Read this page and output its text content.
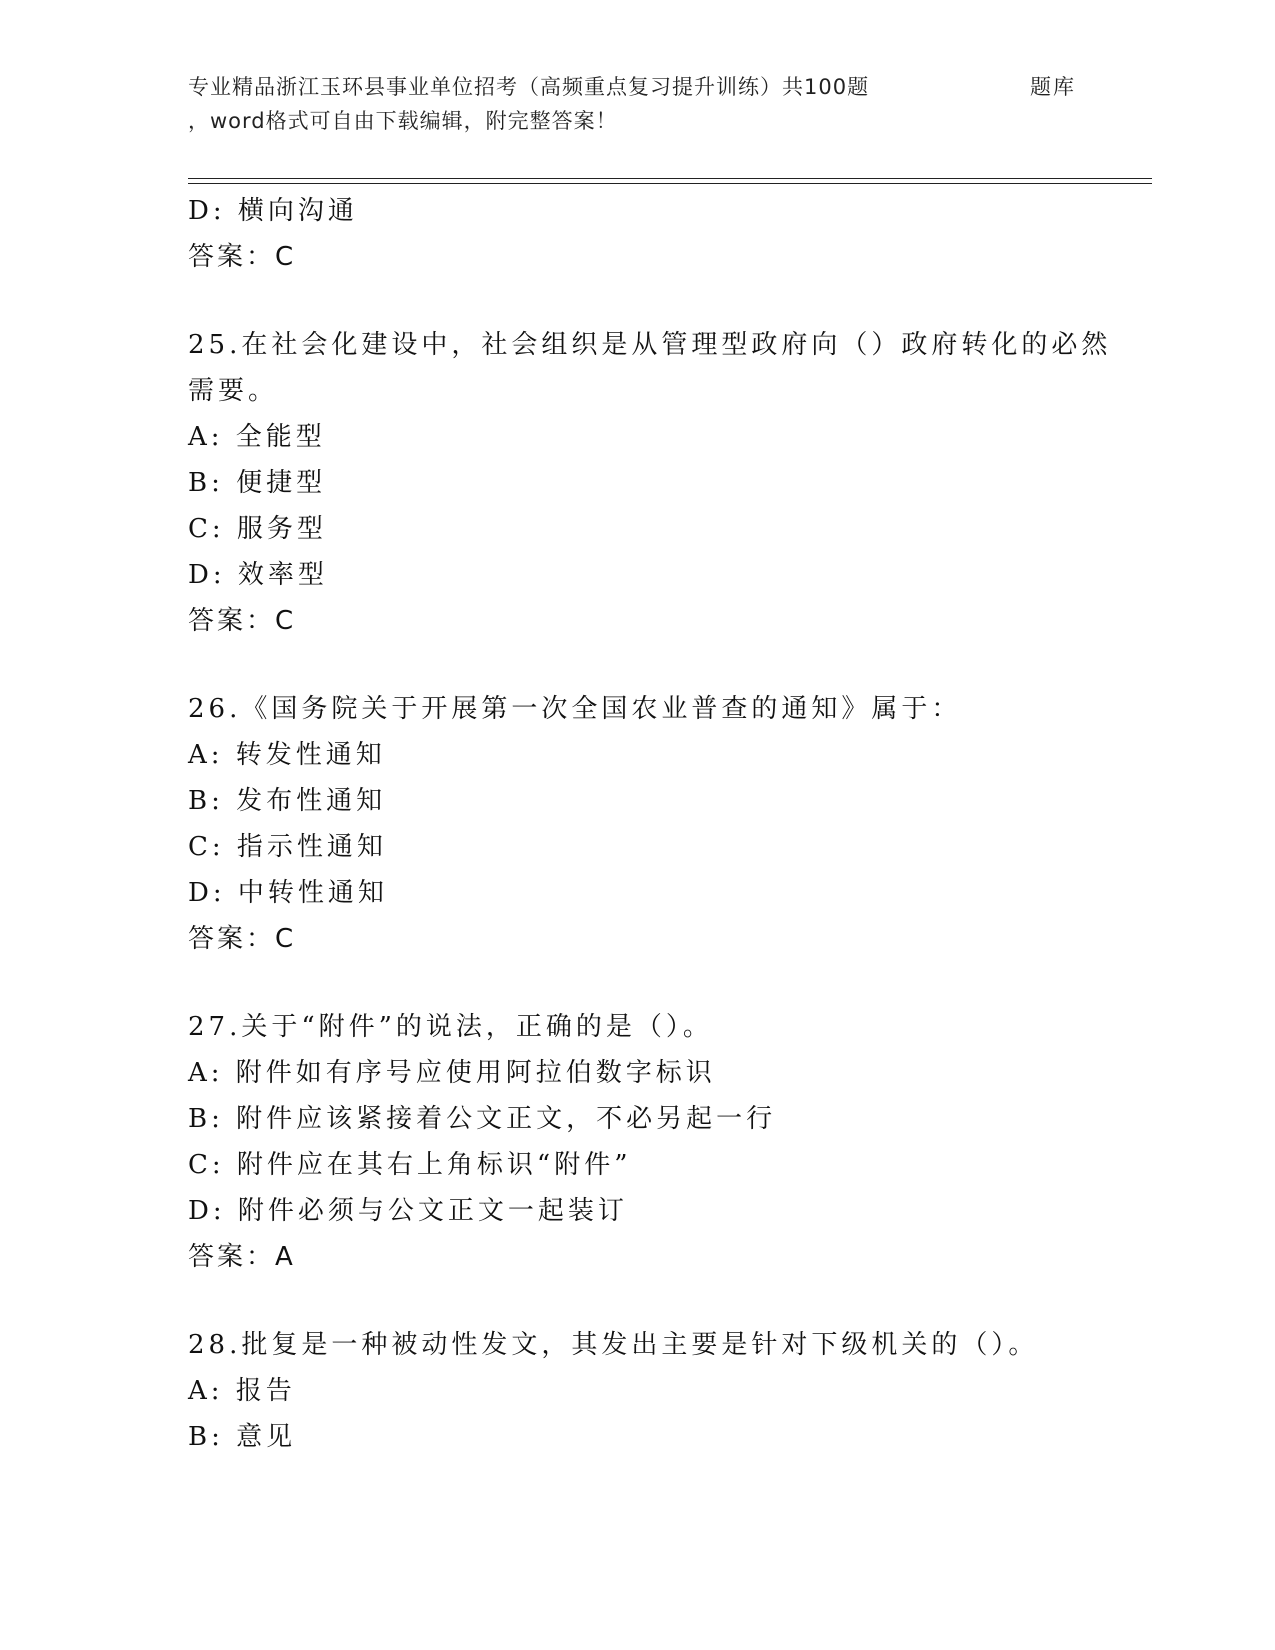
专业精品浙江玉环县事业单位招考（高频重点复习提升训练）共100题	题库
，word格式可自由下载编辑，附完整答案！
D: 横向沟通
答案：C
25.在社会化建设中，社会组织是从管理型政府向（）政府转化的必然
需要。
A: 全能型
B: 便捷型
C: 服务型
D: 效率型
答案：C
26.《国务院关于开展第一次全国农业普查的通知》属于：
A: 转发性通知
B: 发布性通知
C: 指示性通知
D: 中转性通知
答案：C
27.关于“附件”的说法，正确的是（）。
A: 附件如有序号应使用阿拉伯数字标识
B: 附件应该紧接着公文正文，不必另起一行
C: 附件应在其右上角标识“附件”
D: 附件必须与公文正文一起装订
答案：A
28.批复是一种被动性发文，其发出主要是针对下级机关的（）。
A: 报告
B: 意见
